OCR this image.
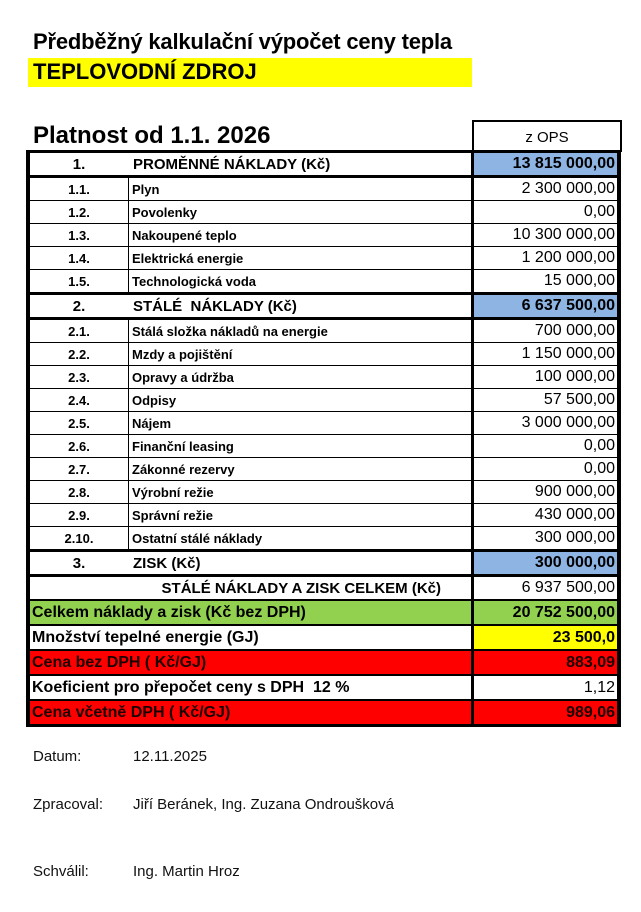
Předběžný kalkulační výpočet ceny tepla
TEPLOVODNÍ ZDROJ
Platnost od 1.1. 2026	z OPS
1.	PROMĚNNÉ NÁKLADY (Kč)	13 815 000,00
1.1.	Plyn	2 300 000,00
1.2.	Povolenky	0,00
1.3.	Nakoupené teplo	10 300 000,00
1.4.	Elektrická energie	1 200 000,00
1.5.	Technologická voda	15 000,00
2.	STÁLÉ  NÁKLADY (Kč)	6 637 500,00
2.1.	Stálá složka nákladů na energie	700 000,00
2.2.	Mzdy a pojištění	1 150 000,00
2.3.	Opravy a údržba	100 000,00
2.4.	Odpisy	57 500,00
2.5.	Nájem	3 000 000,00
2.6.	Finanční leasing	0,00
2.7.	Zákonné rezervy	0,00
2.8.	Výrobní režie	900 000,00
2.9.	Správní režie	430 000,00
2.10.	Ostatní stálé náklady	300 000,00
3.	ZISK (Kč)	300 000,00
STÁLÉ NÁKLADY A ZISK CELKEM (Kč)	6 937 500,00
Celkem náklady a zisk (Kč bez DPH)	20 752 500,00
Množství tepelné energie (GJ)	23 500,0
Cena bez DPH ( Kč/GJ)	883,09
Koeficient pro přepočet ceny s DPH  12 %	1,12
Cena včetně DPH ( Kč/GJ)	989,06
Datum:	12.11.2025
Zpracoval: Jiří Beránek, Ing. Zuzana Ondroušková
Schválil:	Ing. Martin Hroz
